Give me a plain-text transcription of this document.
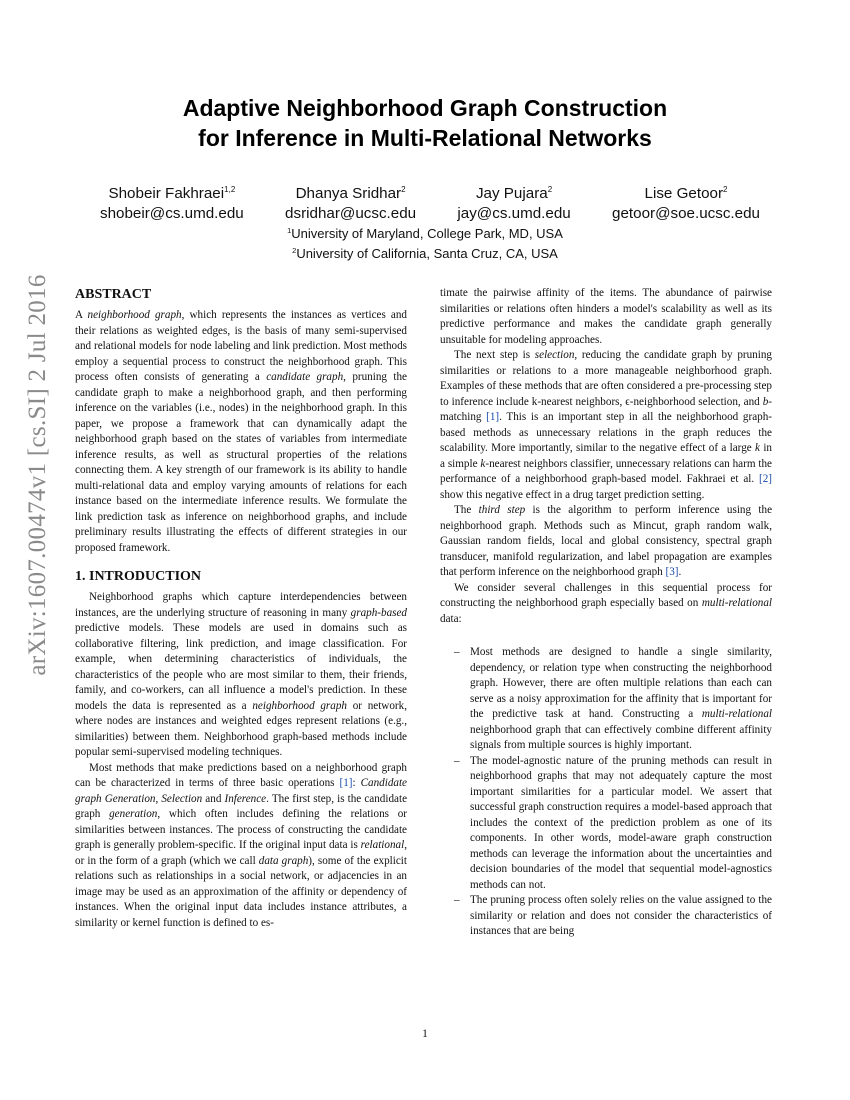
arXiv:1607.00474v1 [cs.SI] 2 Jul 2016
Adaptive Neighborhood Graph Construction
for Inference in Multi-Relational Networks
Shobeir Fakhraei$^{1,2}$
shobeir@cs.umd.edu
Dhanya Sridhar$^2$
dsridhar@ucsc.edu
Jay Pujara$^2$
jay@cs.umd.edu
Lise Getoor$^2$
getoor@soe.ucsc.edu
$^1$University of Maryland, College Park, MD, USA
$^2$University of California, Santa Cruz, CA, USA
ABSTRACT

A neighborhood graph, which represents the instances as vertices and their relations as weighted edges, is the basis of many semi-supervised and relational models for node labeling and link prediction. Most methods employ a sequential process to construct the neighborhood graph. This process often consists of generating a candidate graph, pruning the candidate graph to make a neighborhood graph, and then performing inference on the variables (i.e., nodes) in the neighborhood graph. In this paper, we propose a framework that can dynamically adapt the neighborhood graph based on the states of variables from intermediate inference results, as well as structural properties of the relations connecting them. A key strength of our framework is its ability to handle multi-relational data and employ varying amounts of relations for each instance based on the intermediate inference results. We formulate the link prediction task as inference on neighborhood graphs, and include preliminary results illustrating the effects of different strategies in our proposed framework.

1. INTRODUCTION

Neighborhood graphs which capture interdependencies between instances, are the underlying structure of reasoning in many graph-based predictive models. These models are used in domains such as collaborative filtering, link prediction, and image classification. For example, when determining characteristics of individuals, the characteristics of the people who are most similar to them, their friends, family, and co-workers, can all influence a model's prediction. In these models the data is represented as a neighborhood graph or network, where nodes are instances and weighted edges represent relations (e.g., similarities) between them. Neighborhood graph-based methods include popular semi-supervised modeling techniques.

Most methods that make predictions based on a neighborhood graph can be characterized in terms of three basic operations [1]: Candidate graph Generation, Selection and Inference. The first step, is the candidate graph generation, which often includes defining the relations or similarities between instances. The process of constructing the candidate graph is generally problem-specific. If the original input data is relational, or in the form of a graph (which we call data graph), some of the explicit relations such as relationships in a social network, or adjacencies in an image may be used as an approximation of the affinity or dependency of instances. When the original input data includes instance attributes, a similarity or kernel function is defined to es-

timate the pairwise affinity of the items. The abundance of pairwise similarities or relations often hinders a model's scalability as well as its predictive performance and makes the candidate graph generally unsuitable for modeling approaches.

The next step is selection, reducing the candidate graph by pruning similarities or relations to a more manageable neighborhood graph. Examples of these methods that are often considered a pre-processing step to inference include k-nearest neighbors, ϵ-neighborhood selection, and b-matching [1]. This is an important step in all the neighborhood graph-based methods as unnecessary relations in the graph reduces the scalability. More importantly, similar to the negative effect of a large k in a simple k-nearest neighbors classifier, unnecessary relations can harm the performance of a neighborhood graph-based model. Fakhraei et al. [2] show this negative effect in a drug target prediction setting.

The third step is the algorithm to perform inference using the neighborhood graph. Methods such as Mincut, graph random walk, Gaussian random fields, local and global consistency, spectral graph transducer, manifold regularization, and label propagation are examples that perform inference on the neighborhood graph [3].

We consider several challenges in this sequential process for constructing the neighborhood graph especially based on multi-relational data:

– Most methods are designed to handle a single similarity, dependency, or relation type when constructing the neighborhood graph. However, there are often multiple relations than each can serve as a noisy approximation for the affinity that is important for the predictive task at hand. Constructing a multi-relational neighborhood graph that can effectively combine different affinity signals from multiple sources is highly important.
– The model-agnostic nature of the pruning methods can result in neighborhood graphs that may not adequately capture the most important similarities for a particular model. We assert that successful graph construction requires a model-based approach that includes the context of the prediction problem as one of its components. In other words, model-aware graph construction methods can leverage the information about the uncertainties and decision boundaries of the model that sequential model-agnostics methods can not.
– The pruning process often solely relies on the value assigned to the similarity or relation and does not consider the characteristics of instances that are being
1
